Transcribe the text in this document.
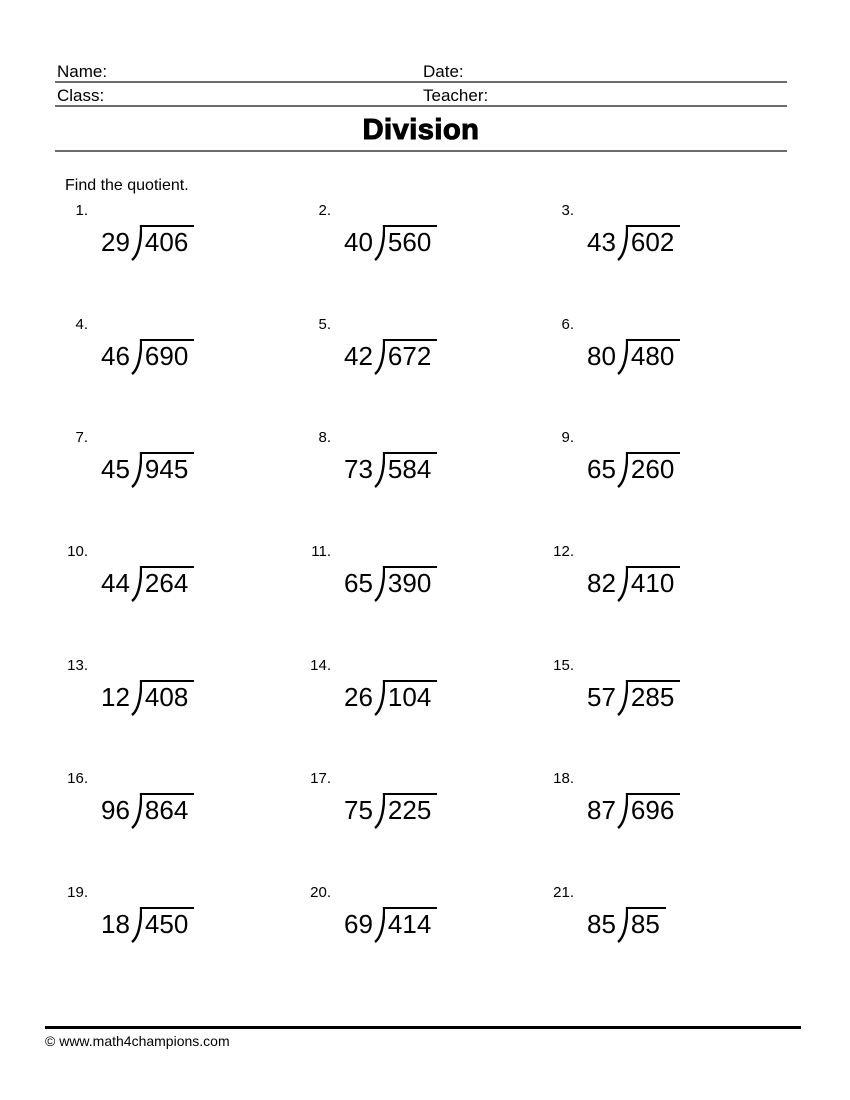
Name:	Date:
Class:	Teacher:
Division
Find the quotient.
1.
29 406
2.
40 560
3.
43 602
4.
46 690
5.
42 672
6.
80 480
7.
45 945
8.
73 584
9.
65 260
10.
44 264
11.
65 390
12.
82 410
13.
12 408
14.
26 104
15.
57 285
16.
96 864
17.
75 225
18.
87 696
19.
18 450
20.
69 414
21.
85 85
© www.math4champions.com
